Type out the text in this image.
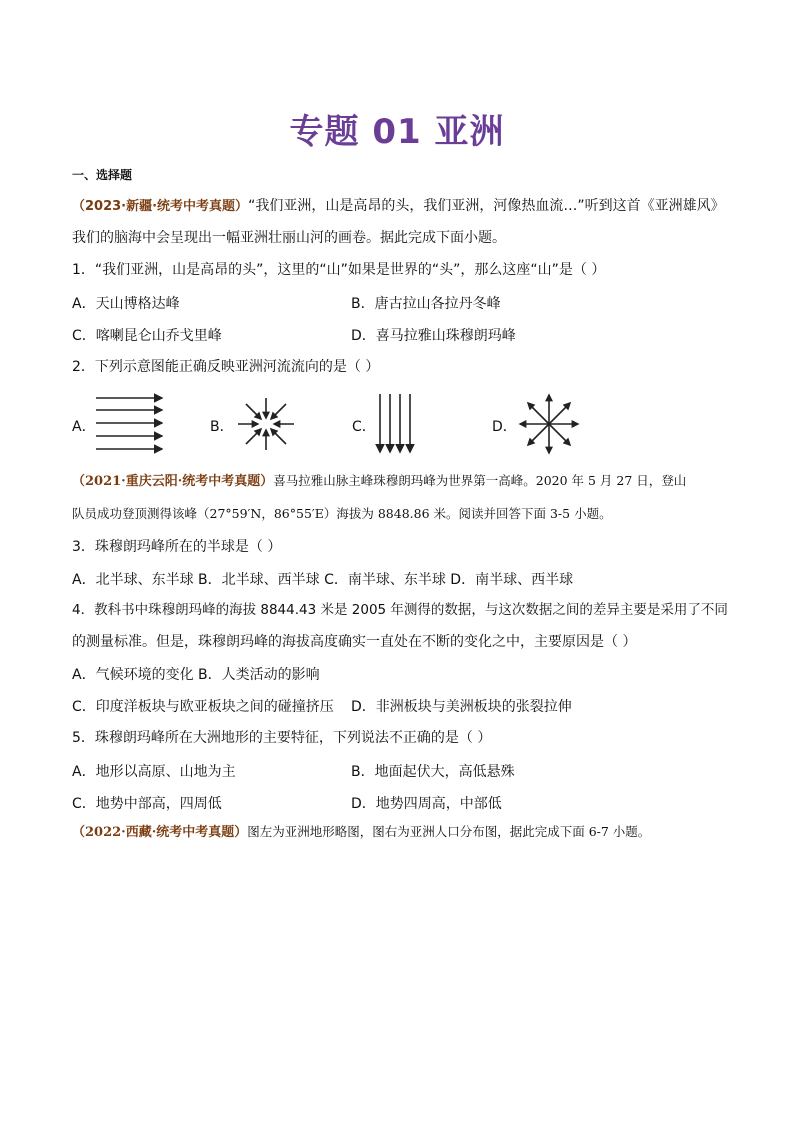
专题 01 亚洲
一、选择题
（2023·新疆·统考中考真题）“我们亚洲，山是高昂的头，我们亚洲，河像热血流…”听到这首《亚洲雄风》
我们的脑海中会呈现出一幅亚洲壮丽山河的画卷。据此完成下面小题。
1．“我们亚洲，山是高昂的头”，这里的“山”如果是世界的“头”，那么这座“山”是（ ）
A．天山博格达峰	B．唐古拉山各拉丹冬峰
C．喀喇昆仑山乔戈里峰	D．喜马拉雅山珠穆朗玛峰
2．下列示意图能正确反映亚洲河流流向的是（ ）
A．	B．	C．	D．
（2021·重庆云阳·统考中考真题）喜马拉雅山脉主峰珠穆朗玛峰为世界第一高峰。2020 年 5 月 27 日，登山
队员成功登顶测得该峰（27°59′N，86°55′E）海拔为 8848.86 米。阅读并回答下面 3-5 小题。
3．珠穆朗玛峰所在的半球是（ ）
A．北半球、东半球 B．北半球、西半球 C．南半球、东半球 D．南半球、西半球
4．教科书中珠穆朗玛峰的海拔 8844.43 米是 2005 年测得的数据，与这次数据之间的差异主要是采用了不同
的测量标准。但是，珠穆朗玛峰的海拔高度确实一直处在不断的变化之中，主要原因是（ ）
A．气候环境的变化 B．人类活动的影响
C．印度洋板块与欧亚板块之间的碰撞挤压 D．非洲板块与美洲板块的张裂拉伸
5．珠穆朗玛峰所在大洲地形的主要特征，下列说法不正确的是（ ）
A．地形以高原、山地为主	B．地面起伏大，高低悬殊
C．地势中部高，四周低	D．地势四周高，中部低
（2022·西藏·统考中考真题）图左为亚洲地形略图，图右为亚洲人口分布图，据此完成下面 6-7 小题。
